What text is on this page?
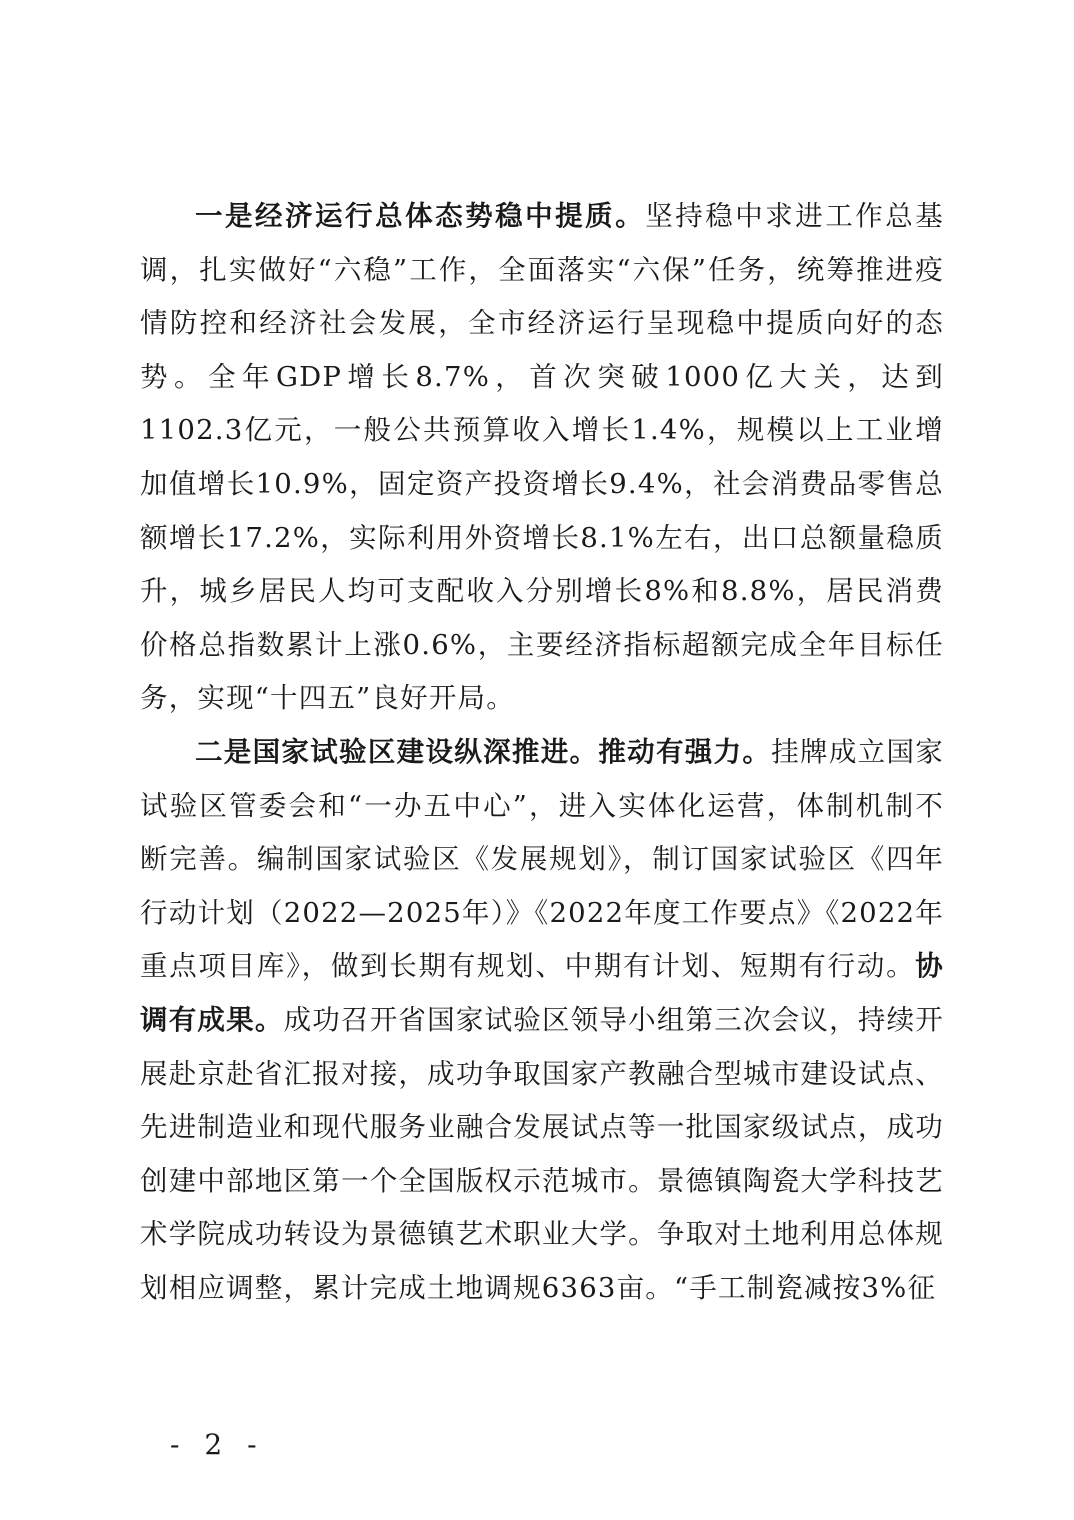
一是经济运行总体态势稳中提质。坚持稳中求进工作总基调，扎实做好“六稳”工作，全面落实“六保”任务，统筹推进疫情防控和经济社会发展，全市经济运行呈现稳中提质向好的态势。全年GDP增长8.7%，首次突破1000亿大关，达到1102.3亿元，一般公共预算收入增长1.4%，规模以上工业增加值增长10.9%，固定资产投资增长9.4%，社会消费品零售总额增长17.2%，实际利用外资增长8.1%左右，出口总额量稳质升，城乡居民人均可支配收入分别增长8%和8.8%，居民消费价格总指数累计上涨0.6%，主要经济指标超额完成全年目标任务，实现“十四五”良好开局。

二是国家试验区建设纵深推进。推动有强力。挂牌成立国家试验区管委会和“一办五中心”，进入实体化运营，体制机制不断完善。编制国家试验区《发展规划》，制订国家试验区《四年行动计划（2022—2025年）》《2022年度工作要点》《2022年重点项目库》，做到长期有规划、中期有计划、短期有行动。协调有成果。成功召开省国家试验区领导小组第三次会议，持续开展赴京赴省汇报对接，成功争取国家产教融合型城市建设试点、先进制造业和现代服务业融合发展试点等一批国家级试点，成功创建中部地区第一个全国版权示范城市。景德镇陶瓷大学科技艺术学院成功转设为景德镇艺术职业大学。争取对土地利用总体规划相应调整，累计完成土地调规6363亩。“手工制瓷减按3%征

- 2 -
